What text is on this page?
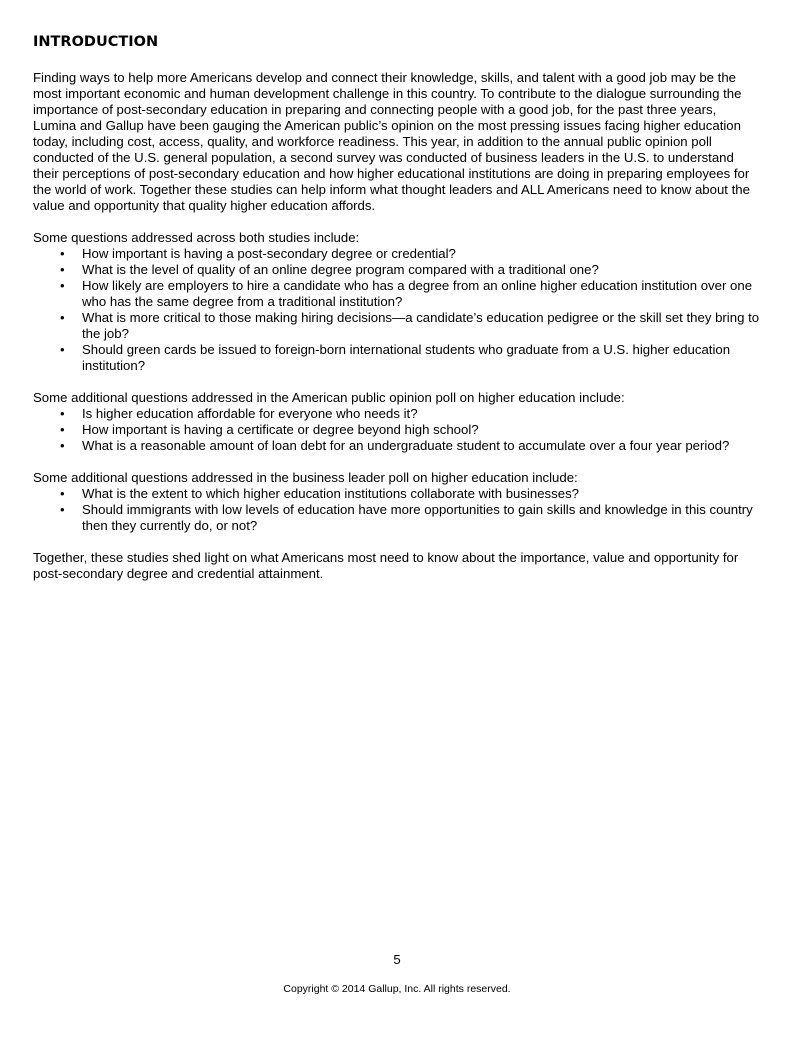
INTRODUCTION

Finding ways to help more Americans develop and connect their knowledge, skills, and talent with a good job may be the most important economic and human development challenge in this country. To contribute to the dialogue surrounding the importance of post-secondary education in preparing and connecting people with a good job, for the past three years, Lumina and Gallup have been gauging the American public’s opinion on the most pressing issues facing higher education today, including cost, access, quality, and workforce readiness. This year, in addition to the annual public opinion poll conducted of the U.S. general population, a second survey was conducted of business leaders in the U.S. to understand their perceptions of post-secondary education and how higher educational institutions are doing in preparing employees for the world of work. Together these studies can help inform what thought leaders and ALL Americans need to know about the value and opportunity that quality higher education affords.

Some questions addressed across both studies include:

• How important is having a post-secondary degree or credential?
• What is the level of quality of an online degree program compared with a traditional one?
• How likely are employers to hire a candidate who has a degree from an online higher education institution over one who has the same degree from a traditional institution?
• What is more critical to those making hiring decisions—a candidate’s education pedigree or the skill set they bring to the job?
• Should green cards be issued to foreign-born international students who graduate from a U.S. higher education institution?

Some additional questions addressed in the American public opinion poll on higher education include:

• Is higher education affordable for everyone who needs it?
• How important is having a certificate or degree beyond high school?
• What is a reasonable amount of loan debt for an undergraduate student to accumulate over a four year period?

Some additional questions addressed in the business leader poll on higher education include:

• What is the extent to which higher education institutions collaborate with businesses?
• Should immigrants with low levels of education have more opportunities to gain skills and knowledge in this country then they currently do, or not?

Together, these studies shed light on what Americans most need to know about the importance, value and opportunity for post-secondary degree and credential attainment.

5
Copyright © 2014 Gallup, Inc. All rights reserved.
